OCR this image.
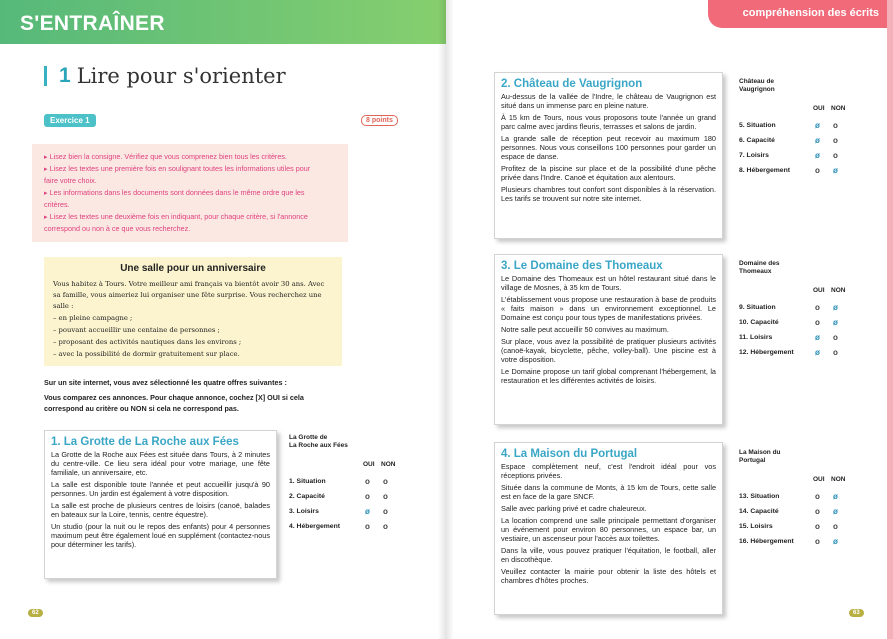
S'ENTRAÎNER
1 Lire pour s'orienter
Exercice 1	8 points
▸ Lisez bien la consigne. Vérifiez que vous comprenez bien tous les critères.
▸ Lisez les textes une première fois en soulignant toutes les informations utiles pour
faire votre choix.
▸ Les informations dans les documents sont données dans le même ordre que les
critères.
▸ Lisez les textes une deuxième fois en indiquant, pour chaque critère, si l'annonce
correspond ou non à ce que vous recherchez.
Une salle pour un anniversaire
Vous habitez à Tours. Votre meilleur ami français va bientôt avoir 30 ans. Avec sa famille, vous aimeriez lui organiser une fête surprise. Vous recherchez une salle :
– en pleine campagne ;
– pouvant accueillir une centaine de personnes ;
– proposant des activités nautiques dans les environs ;
– avec la possibilité de dormir gratuitement sur place.
Sur un site internet, vous avez sélectionné les quatre offres suivantes :
Vous comparez ces annonces. Pour chaque annonce, cochez [X] OUI si cela correspond au critère ou NON si cela ne correspond pas.
1. La Grotte de La Roche aux Fées

La Grotte de la Roche aux Fées est située dans Tours, à 2 minutes du centre-ville. Ce lieu sera idéal pour votre mariage, une fête familiale, un anniversaire, etc.

La salle est disponible toute l'année et peut accueillir jusqu'à 90 personnes. Un jardin est également à votre disposition.

La salle est proche de plusieurs centres de loisirs (canoë, balades en bateaux sur la Loire, tennis, centre équestre).

Un studio (pour la nuit ou le repos des enfants) pour 4 personnes maximum peut être également loué en supplément (contactez-nous pour déterminer les tarifs).

La Grotte de
La Roche aux Fées
OUI NON
1. Situation	o o
2. Capacité	o o
3. Loisirs	ø o
4. Hébergement	o o
62
compréhension des écrits
2. Château de Vaugrignon

Au-dessus de la vallée de l'Indre, le château de Vaugrignon est situé dans un immense parc en pleine nature.

À 15 km de Tours, nous vous proposons toute l'année un grand parc calme avec jardins fleuris, terrasses et salons de jardin.

La grande salle de réception peut recevoir au maximum 180 personnes. Nous vous conseillons 100 personnes pour garder un espace de danse.

Profitez de la piscine sur place et de la possibilité d'une pêche privée dans l'Indre. Canoë et équitation aux alentours.

Plusieurs chambres tout confort sont disponibles à la réservation. Les tarifs se trouvent sur notre site internet.

3. Le Domaine des Thomeaux

Le Domaine des Thomeaux est un hôtel restaurant situé dans le village de Mosnes, à 35 km de Tours.

L'établissement vous propose une restauration à base de produits « faits maison » dans un environnement exceptionnel. Le Domaine est conçu pour tous types de manifestations privées.

Notre salle peut accueillir 50 convives au maximum.

Sur place, vous avez la possibilité de pratiquer plusieurs activités (canoë-kayak, bicyclette, pêche, volley-ball). Une piscine est à votre disposition.

Le Domaine propose un tarif global comprenant l'hébergement, la restauration et les différentes activités de loisirs.

4. La Maison du Portugal

Espace complètement neuf, c'est l'endroit idéal pour vos réceptions privées.

Située dans la commune de Monts, à 15 km de Tours, cette salle est en face de la gare SNCF.

Salle avec parking privé et cadre chaleureux.

La location comprend une salle principale permettant d'organiser un événement pour environ 80 personnes, un espace bar, un vestiaire, un ascenseur pour l'accès aux toilettes.

Dans la ville, vous pouvez pratiquer l'équitation, le football, aller en discothèque.

Veuillez contacter la mairie pour obtenir la liste des hôtels et chambres d'hôtes proches.

Château de
Vaugrignon
OUI NON
5. Situation	ø o
6. Capacité	ø o
7. Loisirs	ø o
8. Hébergement	o ø
Domaine des
Thomeaux
OUI NON
9. Situation	o ø
10. Capacité	o ø
11. Loisirs	ø o
12. Hébergement	ø o
La Maison du
Portugal
OUI NON
13. Situation	o ø
14. Capacité	o ø
15. Loisirs	o o
16. Hébergement	o ø
63
